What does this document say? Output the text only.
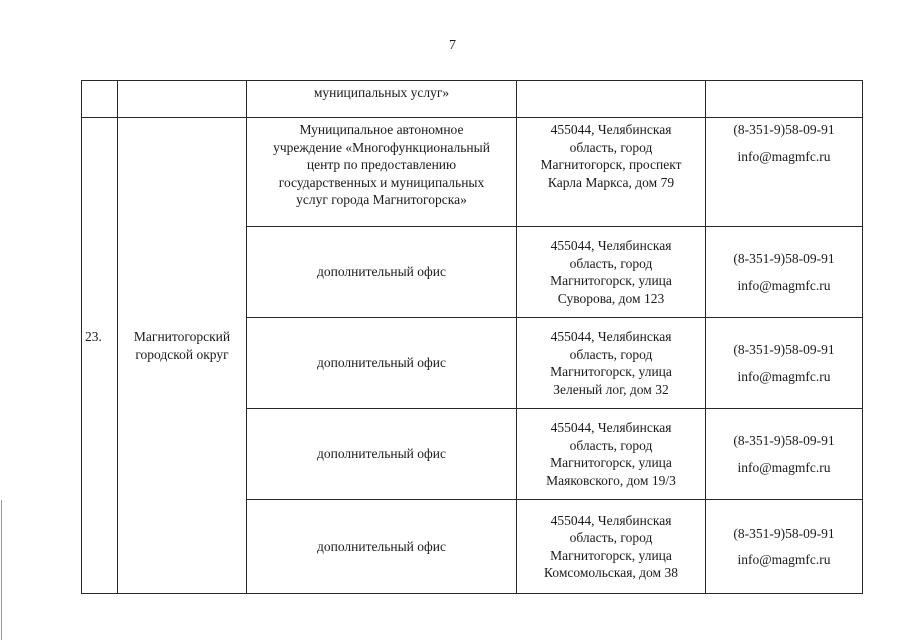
7
		муниципальных услуг»		
23.	Магнитогорский
городской округ	Муниципальное автономное
учреждение «Многофункциональный
центр по предоставлению
государственных и муниципальных
услуг города Магнитогорска»	455044, Челябинская
область, город
Магнитогорск, проспект
Карла Маркса, дом 79	(8-351-9)58-09-91
info@magmfc.ru

		дополнительный офис	455044, Челябинская
область, город
Магнитогорск, улица
Суворова, дом 123	(8-351-9)58-09-91
info@magmfc.ru

		дополнительный офис	455044, Челябинская
область, город
Магнитогорск, улица
Зеленый лог, дом 32	(8-351-9)58-09-91
info@magmfc.ru

		дополнительный офис	455044, Челябинская
область, город
Магнитогорск, улица
Маяковского, дом 19/3	(8-351-9)58-09-91
info@magmfc.ru

		дополнительный офис	455044, Челябинская
область, город
Магнитогорск, улица
Комсомольская, дом 38	(8-351-9)58-09-91
info@magmfc.ru
